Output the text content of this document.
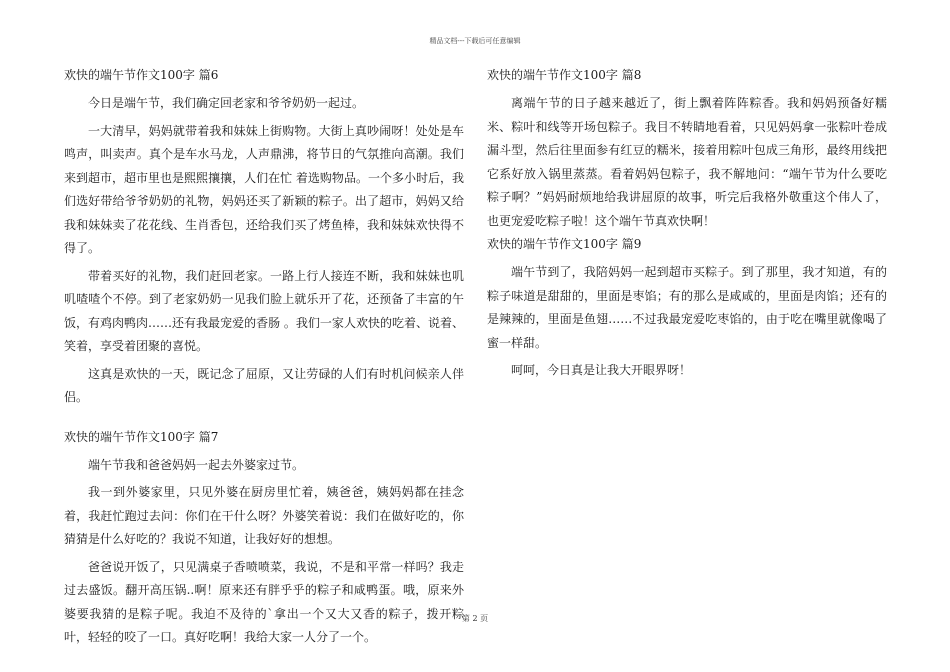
精品文档---下载后可任意编辑
欢快的端午节作文100字 篇6

今日是端午节，我们确定回老家和爷爷奶奶一起过。

一大清早，妈妈就带着我和妹妹上街购物。大街上真吵闹呀！处处是车鸣声，叫卖声。真个是车水马龙，人声鼎沸，将节日的气氛推向高潮。我们来到超市，超市里也是熙熙攘攘，人们在忙 着选购物品。一个多小时后，我们选好带给爷爷奶奶的礼物，妈妈还买了新颖的粽子。出了超市，妈妈又给我和妹妹卖了花花线、生肖香包，还给我们买了烤鱼棒，我和妹妹欢快得不得了。

带着买好的礼物，我们赶回老家。一路上行人接连不断，我和妹妹也叽叽喳喳个不停。到了老家奶奶一见我们脸上就乐开了花，还预备了丰富的午饭，有鸡肉鸭肉……还有我最宠爱的香肠 。我们一家人欢快的吃着、说着、笑着，享受着团聚的喜悦。

这真是欢快的一天，既记念了屈原，又让劳碌的人们有时机问候亲人伴侣。

欢快的端午节作文100字 篇7

端午节我和爸爸妈妈一起去外婆家过节。

我一到外婆家里，只见外婆在厨房里忙着，姨爸爸，姨妈妈都在挂念着，我赶忙跑过去问：你们在干什么呀？外婆笑着说：我们在做好吃的，你猜猜是什么好吃的？我说不知道，让我好好的想想。

爸爸说开饭了，只见满桌子香喷喷菜，我说，不是和平常一样吗？我走过去盛饭。翻开高压锅..啊！原来还有胖乎乎的粽子和咸鸭蛋。哦，原来外婆要我猜的是粽子呢。我迫不及待的`拿出一个又大又香的粽子，拨开粽叶，轻轻的咬了一口。真好吃啊！我给大家一人分了一个。

欢快的端午节作文100字 篇8

离端午节的日子越来越近了，街上飘着阵阵粽香。我和妈妈预备好糯米、粽叶和线等开场包粽子。我目不转睛地看着，只见妈妈拿一张粽叶卷成漏斗型，然后往里面参有红豆的糯米，接着用粽叶包成三角形，最终用线把它系好放入锅里蒸蒸。看着妈妈包粽子，我不解地问：“端午节为什么要吃粽子啊？”妈妈耐烦地给我讲屈原的故事，听完后我格外敬重这个伟人了，也更宠爱吃粽子啦！这个端午节真欢快啊！

欢快的端午节作文100字 篇9

端午节到了，我陪妈妈一起到超市买粽子。到了那里，我才知道，有的粽子味道是甜甜的，里面是枣馅；有的那么是咸咸的，里面是肉馅；还有的是辣辣的，里面是鱼翅……不过我最宠爱吃枣馅的，由于吃在嘴里就像喝了蜜一样甜。

呵呵，今日真是让我大开眼界呀！

第 2 页
